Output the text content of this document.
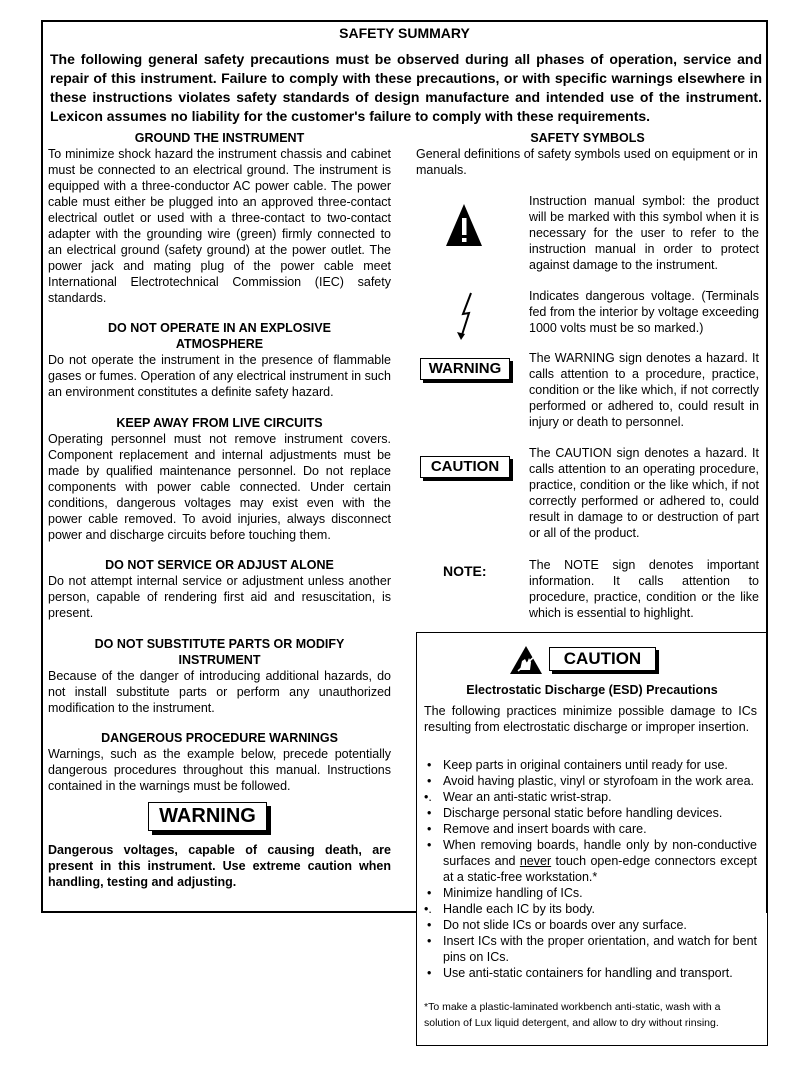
SAFETY SUMMARY
The following general safety precautions must be observed during all phases of operation, service and repair of this instrument. Failure to comply with these precautions, or with specific warnings elsewhere in these instructions violates safety standards of design manufacture and intended use of the instrument. Lexicon assumes no liability for the customer's failure to comply with these requirements.
GROUND THE INSTRUMENT

To minimize shock hazard the instrument chassis and cabinet must be connected to an electrical ground. The instrument is equipped with a three-conductor AC power cable. The power cable must either be plugged into an approved three-contact electrical outlet or used with a three-contact to two-contact adapter with the grounding wire (green) firmly connected to an electrical ground (safety ground) at the power outlet. The power jack and mating plug of the power cable meet International Electrotechnical Commission (IEC) safety standards.

DO NOT OPERATE IN AN EXPLOSIVE
ATMOSPHERE

Do not operate the instrument in the presence of flammable gases or fumes. Operation of any electrical instrument in such an environment constitutes a definite safety hazard.

KEEP AWAY FROM LIVE CIRCUITS

Operating personnel must not remove instrument covers. Component replacement and internal adjustments must be made by qualified maintenance personnel. Do not replace components with power cable connected. Under certain conditions, dangerous voltages may exist even with the power cable removed. To avoid injuries, always disconnect power and discharge circuits before touching them.

DO NOT SERVICE OR ADJUST ALONE

Do not attempt internal service or adjustment unless another person, capable of rendering first aid and resuscitation, is present.

DO NOT SUBSTITUTE PARTS OR MODIFY
INSTRUMENT

Because of the danger of introducing additional hazards, do not install substitute parts or perform any unauthorized modification to the instrument.

DANGEROUS PROCEDURE WARNINGS

Warnings, such as the example below, precede potentially dangerous procedures throughout this manual. Instructions contained in the warnings must be followed.

WARNING

Dangerous voltages, capable of causing death, are present in this instrument. Use extreme caution when handling, testing and adjusting.

SAFETY SYMBOLS

General definitions of safety symbols used on equipment or in manuals.

Instruction manual symbol: the product will be marked with this symbol when it is necessary for the user to refer to the instruction manual in order to protect against damage to the instrument.
Indicates dangerous voltage. (Terminals fed from the interior by voltage exceeding 1000 volts must be so marked.)
WARNING
The WARNING sign denotes a hazard. It calls attention to a procedure, practice, condition or the like which, if not correctly performed or adhered to, could result in injury or death to personnel.
CAUTION
The CAUTION sign denotes a hazard. It calls attention to an operating procedure, practice, condition or the like which, if not correctly performed or adhered to, could result in damage to or destruction of part or all of the product.
NOTE:	The NOTE sign denotes important information. It calls attention to procedure, practice, condition or the like which is essential to highlight.
CAUTION
Electrostatic Discharge (ESD) Precautions
The following practices minimize possible damage to ICs resulting from electrostatic discharge or improper insertion.
• Keep parts in original containers until ready for use.
• Avoid having plastic, vinyl or styrofoam in the work area.
•. Wear an anti-static wrist-strap.
• Discharge personal static before handling devices.
• Remove and insert boards with care.
• When removing boards, handle only by non-conductive surfaces and never touch open-edge connectors except at a static-free workstation.*
• Minimize handling of ICs.
•. Handle each IC by its body.
• Do not slide ICs or boards over any surface.
• Insert ICs with the proper orientation, and watch for bent pins on ICs.
• Use anti-static containers for handling and transport.
*To make a plastic-laminated workbench anti-static, wash with a solution of Lux liquid detergent, and allow to dry without rinsing.
